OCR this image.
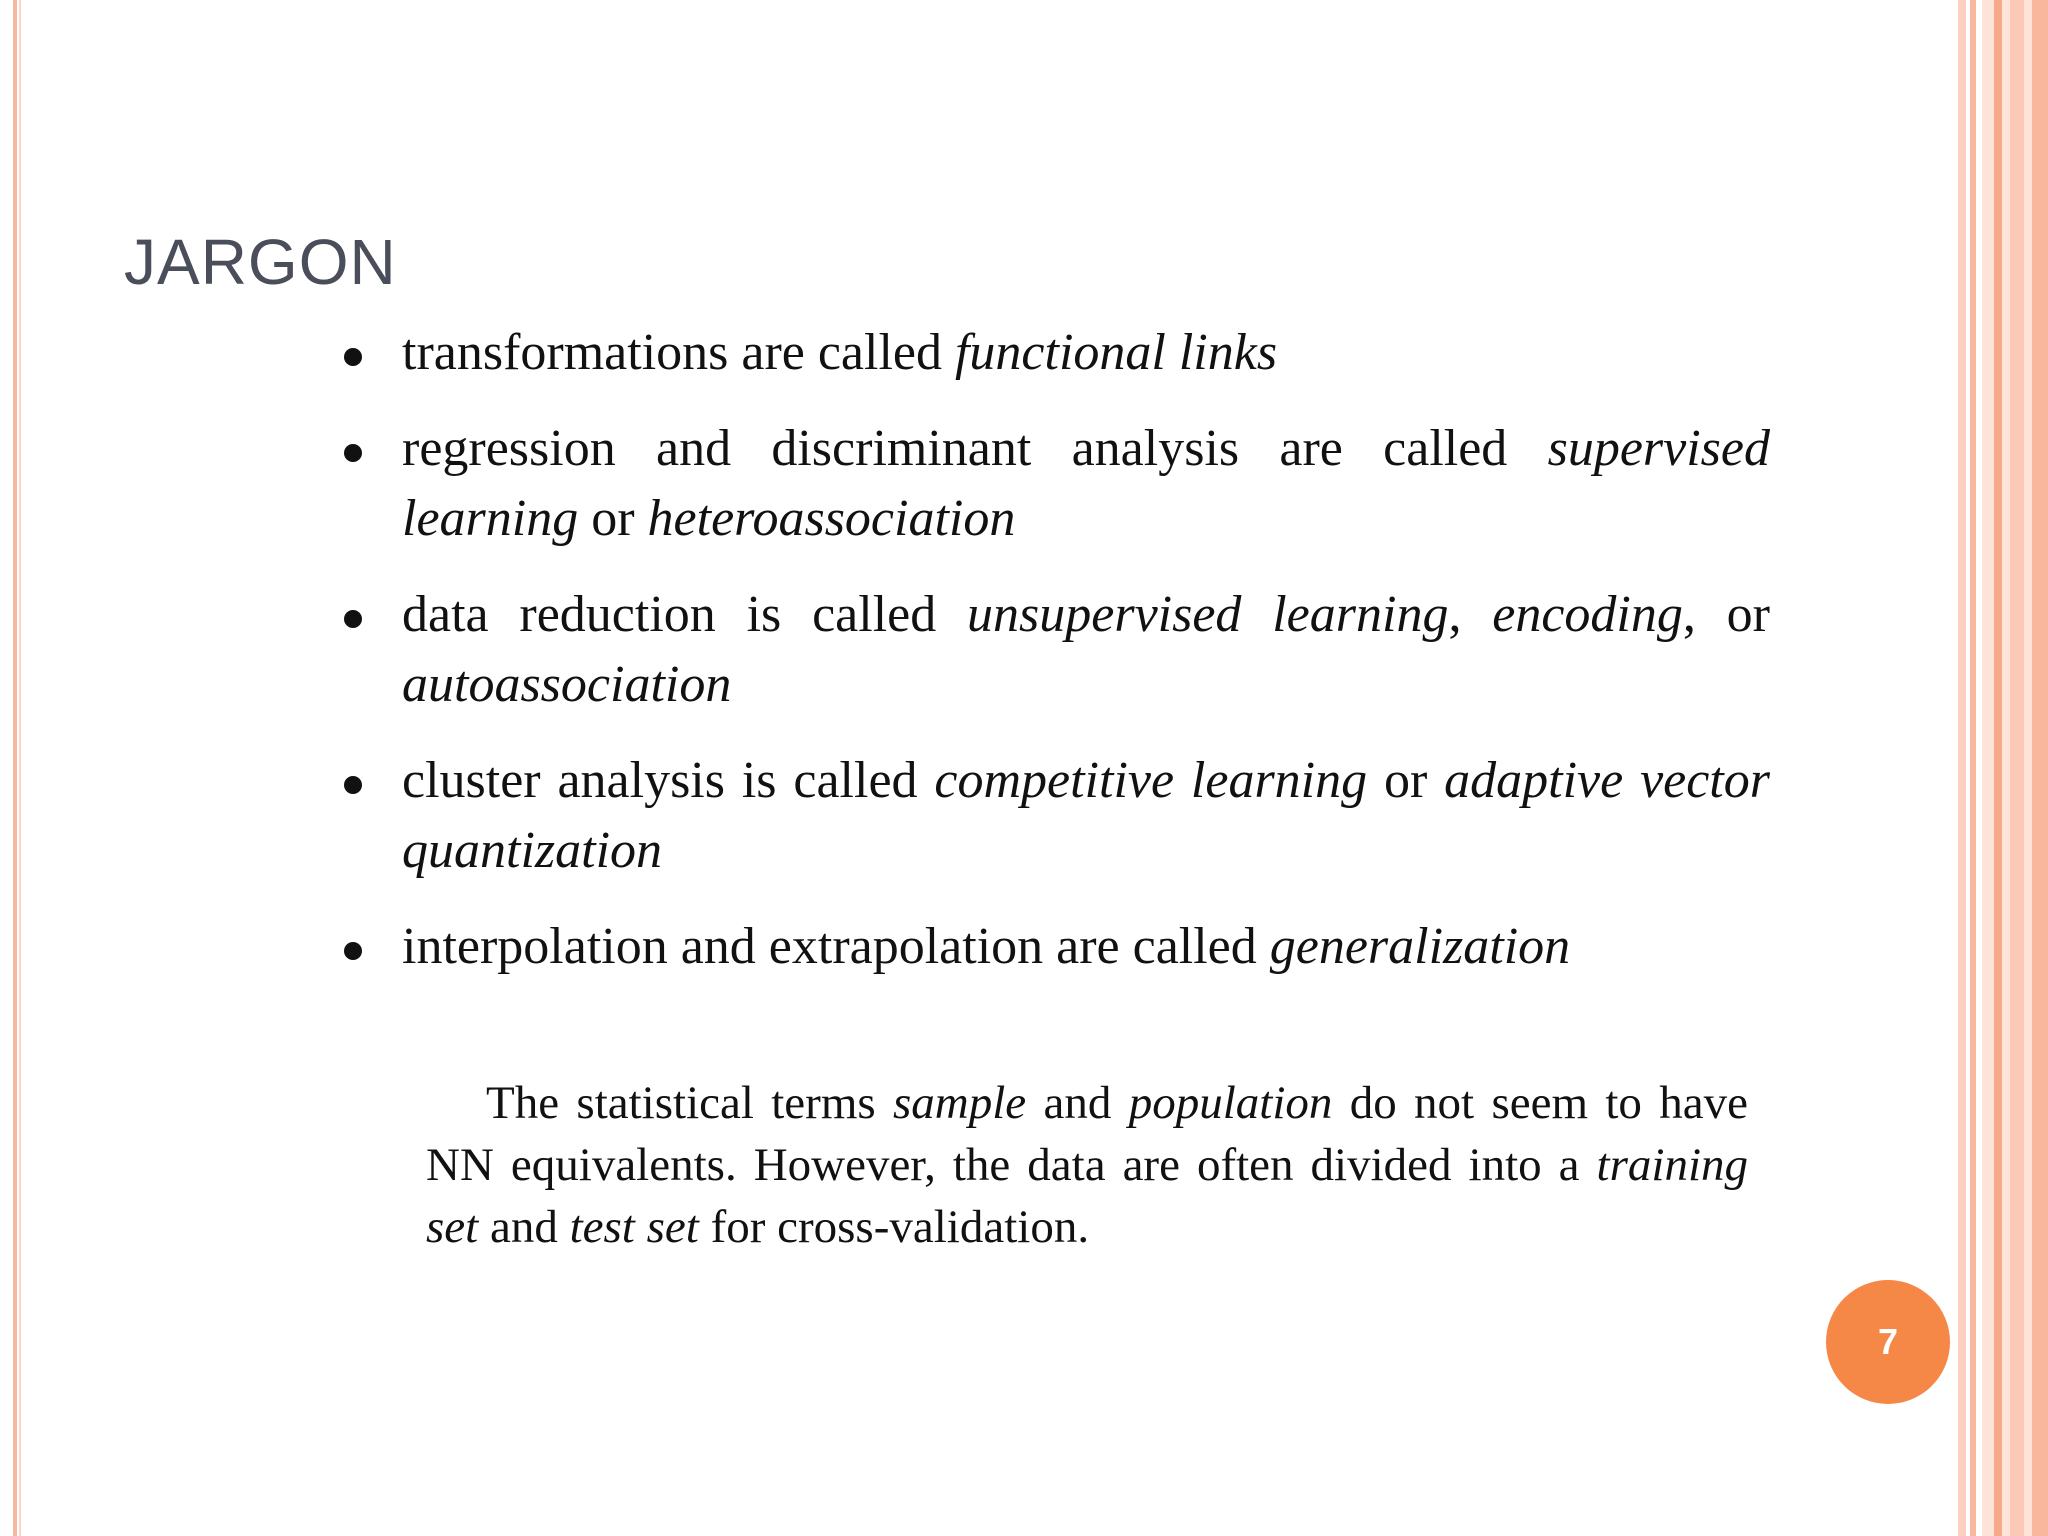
JARGON
transformations are called functional links
regression and discriminant analysis are called supervised learning or heteroassociation
data reduction is called unsupervised learning, encoding, or autoassociation
cluster analysis is called competitive learning or adaptive vector quantization
interpolation and extrapolation are called generalization

The statistical terms sample and population do not seem to have NN equivalents. However, the data are often divided into a training set and test set for cross-validation.

7
